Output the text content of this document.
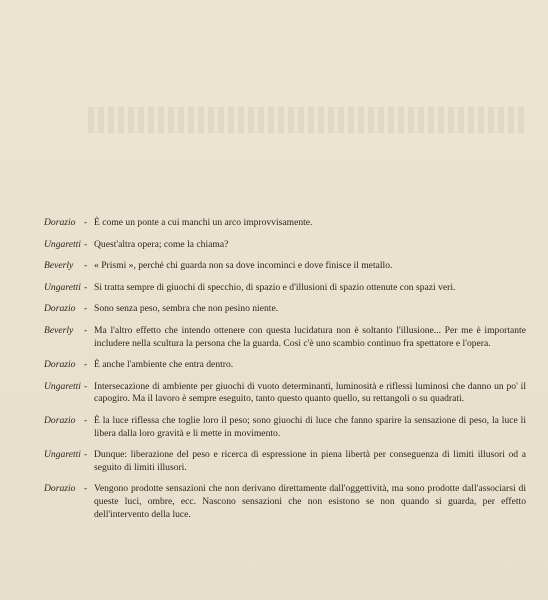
Dorazio - È come un ponte a cui manchi un arco improvvisamente.
Ungaretti - Quest'altra opera; come la chiama?
Beverly	- « Prismi », perché chi guarda non sa dove incominci e dove finisce il metallo.
Ungaretti - Si tratta sempre di giuochi di specchio, di spazio e d'illusioni di spazio ottenute con spazi veri.
Dorazio - Sono senza peso, sembra che non pesino niente.
Beverly	- Ma l'altro effetto che intendo ottenere con questa lucidatura non è soltanto l'illusione... Per me è importante includere nella scultura la persona che la guarda. Così c'è uno scambio continuo fra spettatore e l'opera.
Dorazio - È anche l'ambiente che entra dentro.
Ungaretti - Intersecazione di ambiente per giuochi di vuoto determinanti, luminosità e riflessi luminosi che danno un po' il capogiro. Ma il lavoro è sempre eseguito, tanto questo quanto quello, su rettangoli o su quadrati.
Dorazio - È la luce riflessa che toglie loro il peso; sono giuochi di luce che fanno sparire la sensazione di peso, la luce li libera dalla loro gravità e li mette in movimento.
Ungaretti - Dunque: liberazione del peso e ricerca di espressione in piena libertà per conseguenza di limiti illusori od a seguito di limiti illusori.
Dorazio - Vengono prodotte sensazioni che non derivano direttamente dall'oggettività, ma sono prodotte dall'associarsi di queste luci, ombre, ecc. Nascono sensazioni che non esistono se non quando si guarda, per effetto dell'intervento della luce.
